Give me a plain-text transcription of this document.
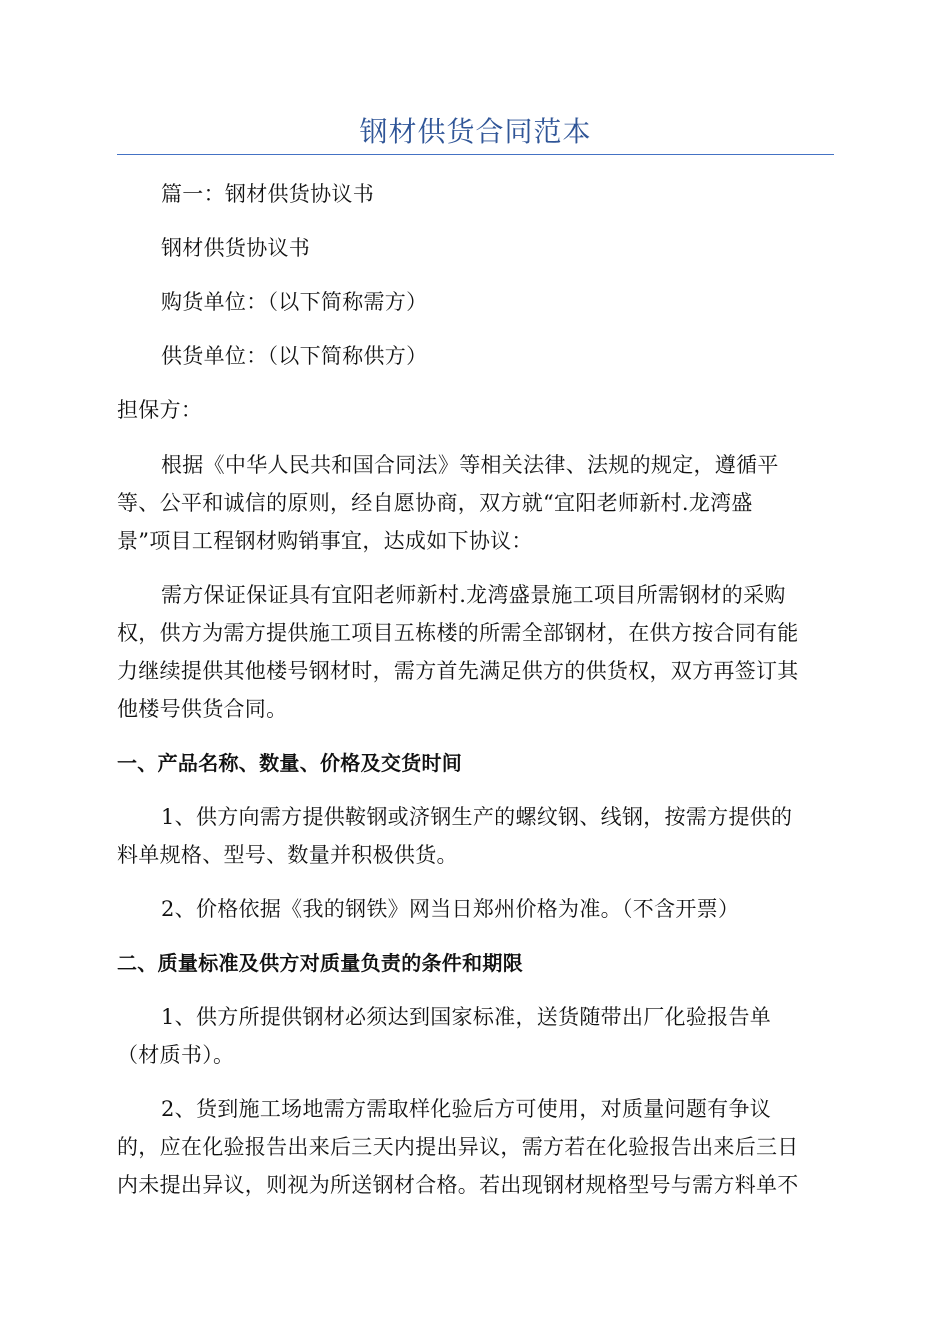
钢材供货合同范本
篇一：钢材供货协议书
钢材供货协议书
购货单位：（以下简称需方）
供货单位：（以下简称供方）
担保方：
根据《中华人民共和国合同法》等相关法律、法规的规定，遵循平
等、公平和诚信的原则，经自愿协商，双方就“宜阳老师新村.龙湾盛
景”项目工程钢材购销事宜，达成如下协议：
需方保证保证具有宜阳老师新村.龙湾盛景施工项目所需钢材的采购
权，供方为需方提供施工项目五栋楼的所需全部钢材，在供方按合同有能
力继续提供其他楼号钢材时，需方首先满足供方的供货权，双方再签订其
他楼号供货合同。
一、产品名称、数量、价格及交货时间
1、供方向需方提供鞍钢或济钢生产的螺纹钢、线钢，按需方提供的
料单规格、型号、数量并积极供货。
2、价格依据《我的钢铁》网当日郑州价格为准。（不含开票）
二、质量标准及供方对质量负责的条件和期限
1、供方所提供钢材必须达到国家标准，送货随带出厂化验报告单
（材质书）。
2、货到施工场地需方需取样化验后方可使用，对质量问题有争议
的，应在化验报告出来后三天内提出异议，需方若在化验报告出来后三日
内未提出异议，则视为所送钢材合格。若出现钢材规格型号与需方料单不
